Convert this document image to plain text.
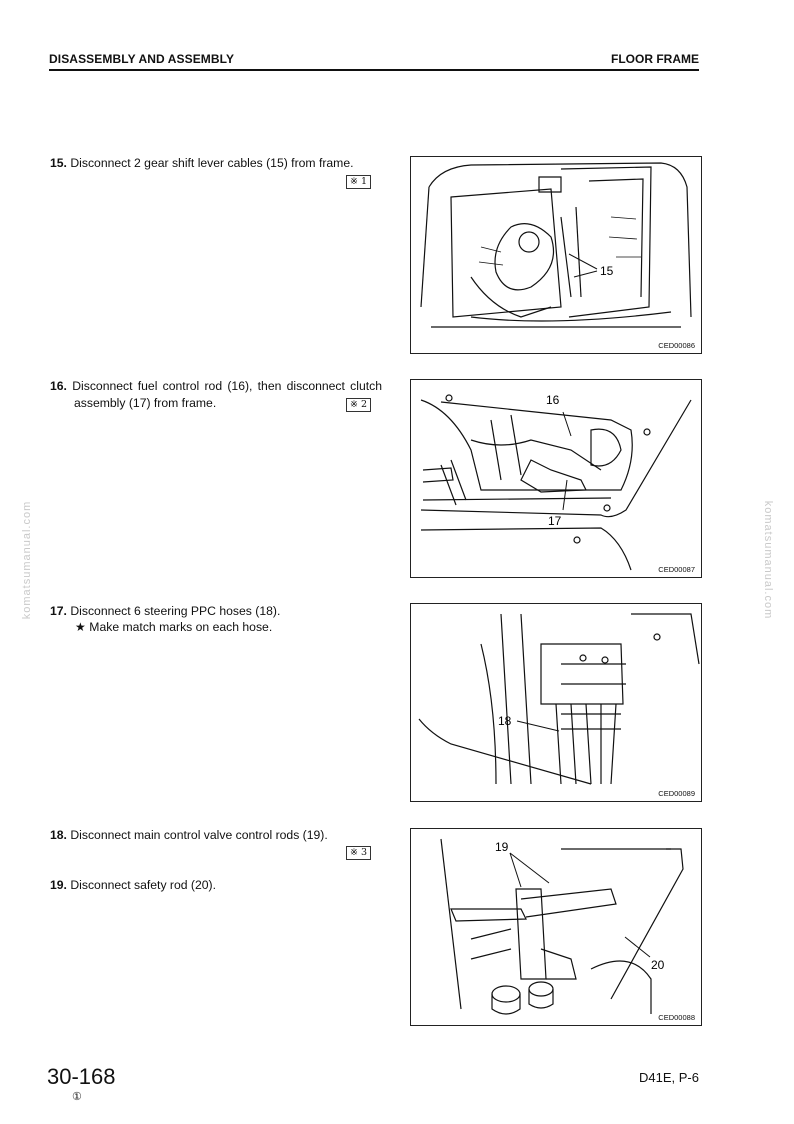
DISASSEMBLY AND ASSEMBLY	FLOOR FRAME
komatsumanual.com	komatsumanual.com
15. Disconnect 2 gear shift lever cables (15) from frame.
※ 1
15
CED00086
16. Disconnect fuel control rod (16), then disconnect clutch assembly (17) from frame.	※ 2	16
17
CED00087
17. Disconnect 6 steering PPC hoses (18).
★ Make match marks on each hose.
18
CED00089
18. Disconnect main control valve control rods (19).
※ 3
19. Disconnect safety rod (20).
19
20
CED00088
30-168
①
D41E, P-6
